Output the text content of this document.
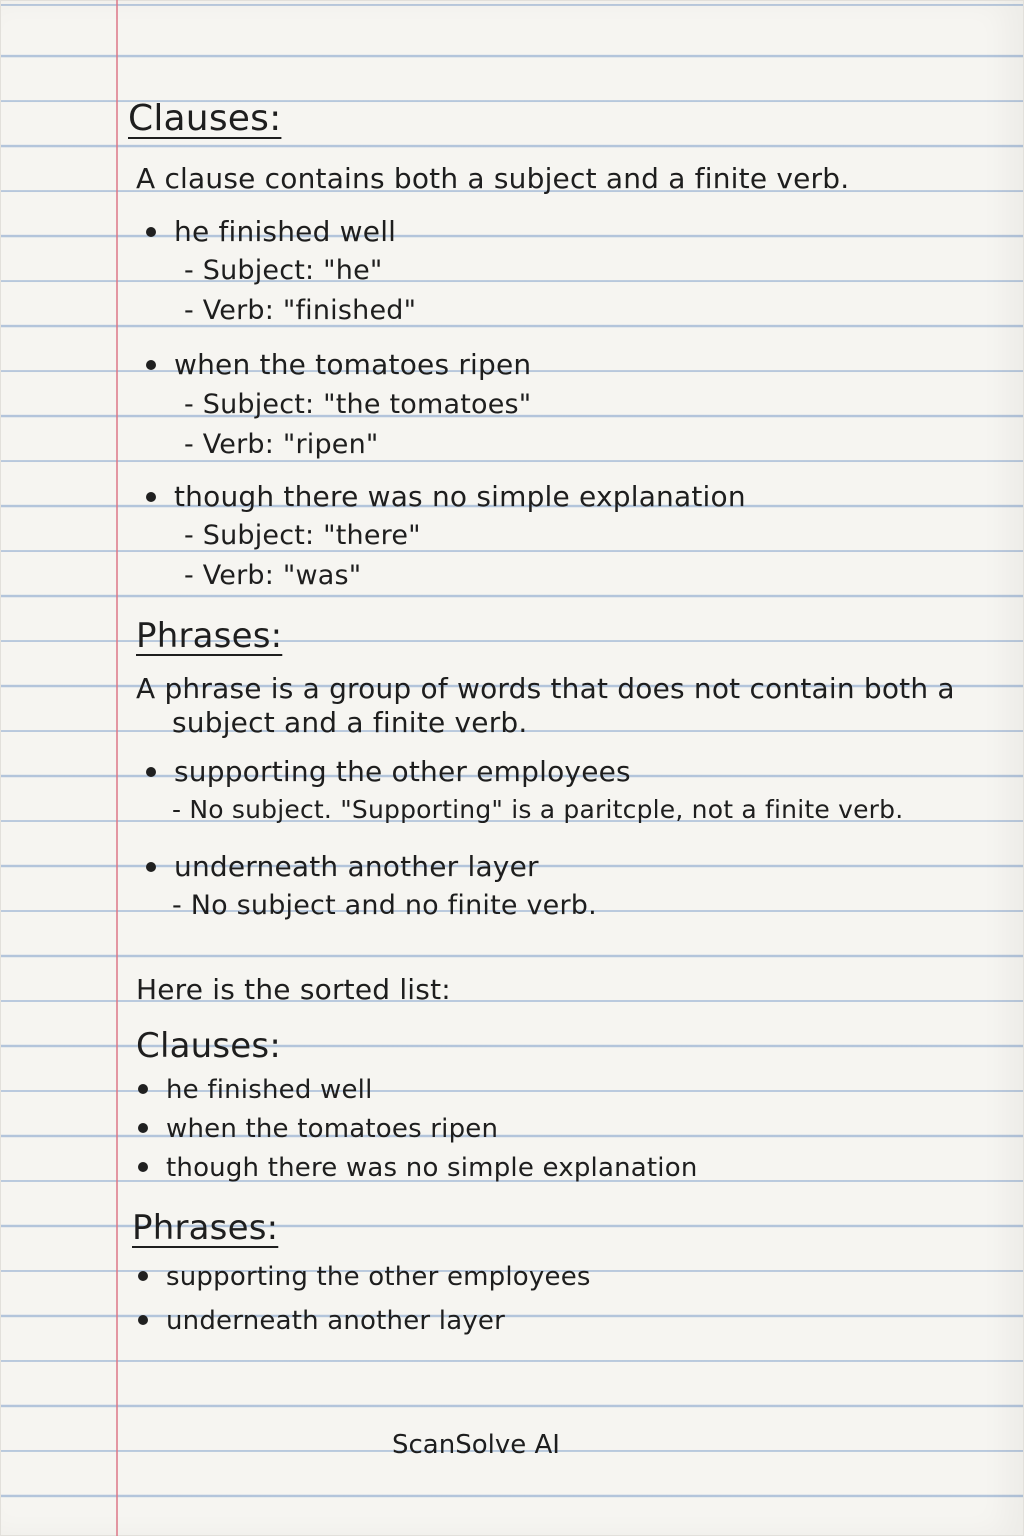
Clauses:
A clause contains both a subject and a finite verb.
he finished well
- Subject: "he"
- Verb: "finished"
when the tomatoes ripen
- Subject: "the tomatoes"
- Verb: "ripen"
though there was no simple explanation
- Subject: "there"
- Verb: "was"
Phrases:
A phrase is a group of words that does not contain both a
subject and a finite verb.
supporting the other employees
- No subject. "Supporting" is a paritcple, not a finite verb.
underneath another layer
- No subject and no finite verb.
Here is the sorted list:
Clauses:
he finished well
when the tomatoes ripen
though there was no simple explanation
Phrases:
supporting the other employees
underneath another layer
ScanSolve AI
